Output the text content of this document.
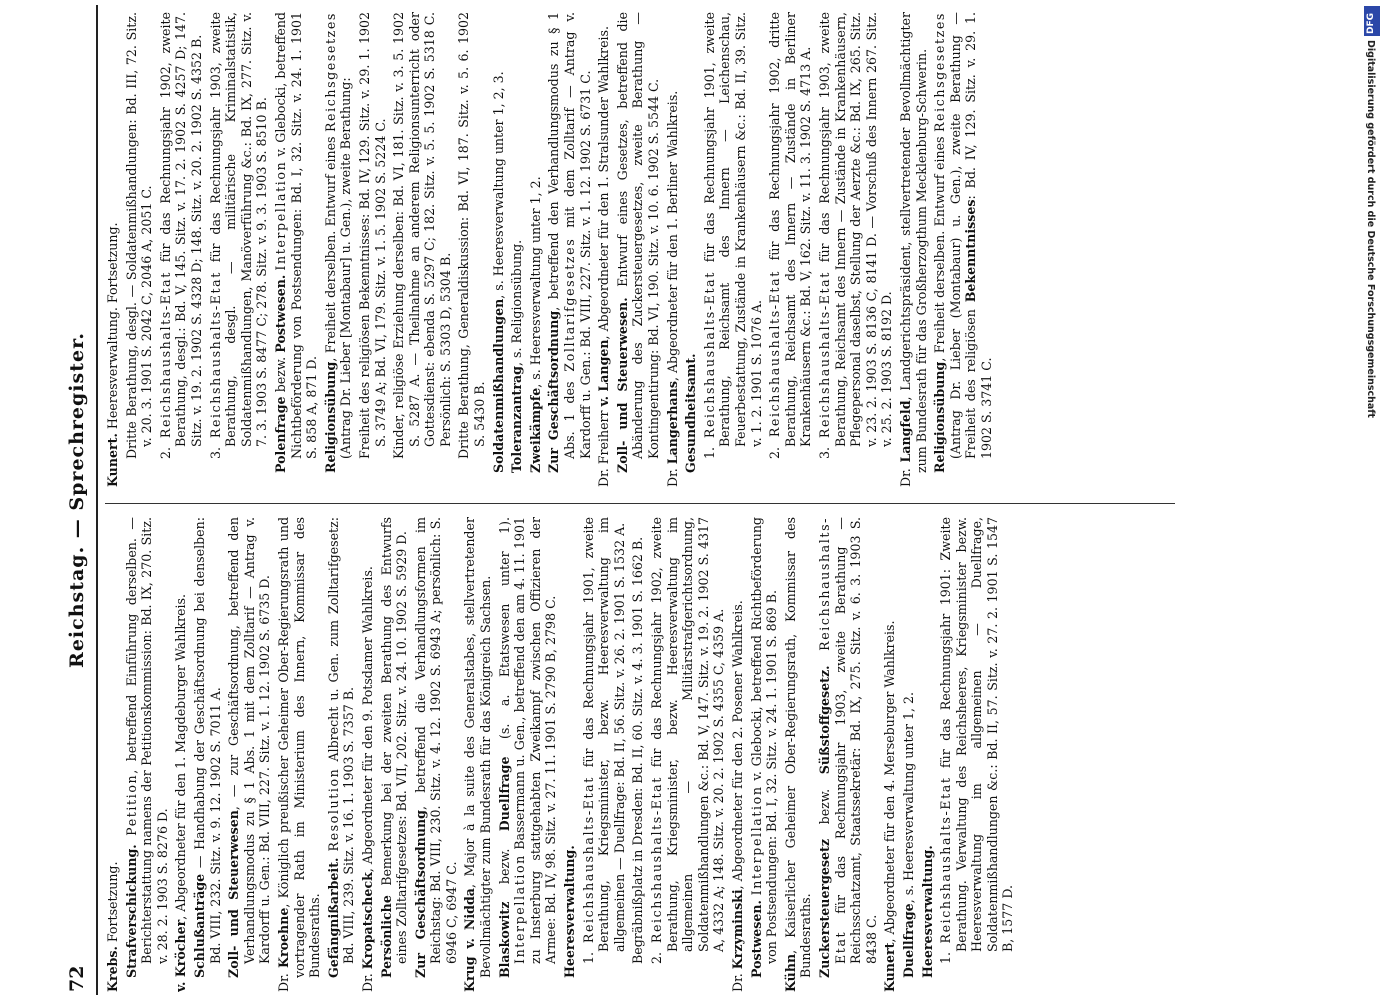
72
Reichstag. — Sprechregister.

Krebs. Fortsetzung. Strafverschickung. Petition, betreffend Einführung derselben. — Berichterstattung namens der Petitionskommission: Bd. IX, 270. Sitz. v. 28. 2. 1903 S. 8276 D. v. Kröcher, Abgeordneter für den 1. Magdeburger Wahlkreis.

Schlußanträge — Handhabung der Geschäftsordnung bei denselben: Bd. VIII, 232. Sitz. v. 9. 12. 1902 S. 7011 A. Zoll- und Steuerwesen, — zur Geschäftsordnung, betreffend den Verhandlungsmodus zu § 1 Abs. 1 mit dem Zolltarif — Antrag v. Kardorff u. Gen.: Bd. VIII, 227. Sitz. v. 1. 12. 1902 S. 6735 D.

Dr. Kroehne, Königlich preußischer Geheimer Ober-Regierungsrath und vortragender Rath im Ministerium des Innern, Kommissar des Bundesraths. Gefängnißarbeit. Resolution Albrecht u. Gen. zum Zolltarifgesetz: Bd. VIII, 239. Sitz. v. 16. 1. 1903 S. 7357 B.

Dr. Kropatscheck, Abgeordneter für den 9. Potsdamer Wahlkreis.

Persönliche Bemerkung bei der zweiten Berathung des Entwurfs eines Zolltarifgesetzes: Bd. VII, 202. Sitz. v. 24. 10. 1902 S. 5929 D. Zur Geschäftsordnung, betreffend die Verhandlungsformen im Reichstag: Bd. VIII, 230. Sitz. v. 4. 12. 1902 S. 6943 A; persönlich: S. 6946 C, 6947 C. Krug v. Nidda, Major à la suite des Generalstabes, stellvertretender Bevollmächtigter zum Bundesrath für das Königreich Sachsen. Blaskowitz bezw. Duellfrage (s. a. Etatswesen unter 1). Interpellation Bassermann u. Gen., betreffend den am 4. 11. 1901 zu Insterburg stattgehabten Zweikampf zwischen Offizieren der Armee: Bd. IV, 98. Sitz. v. 27. 11. 1901 S. 2790 B, 2798 C. Heeresverwaltung. 1. Reichshaushalts-Etat für das Rechnungsjahr 1901, zweite Berathung, Kriegsminister, bezw. Heeresverwaltung im allgemeinen — Duellfrage: Bd. II, 56. Sitz. v. 26. 2. 1901 S. 1532 A. Begräbnißplatz in Dresden: Bd. II, 60. Sitz. v. 4. 3. 1901 S. 1662 B. 2. Reichshaushalts-Etat für das Rechnungsjahr 1902, zweite Berathung, Kriegsminister, bezw. Heeresverwaltung im allgemeinen — Militärstrafgerichtsordnung, Soldatenmißhandlungen &c.: Bd. V, 147. Sitz. v. 19. 2. 1902 S. 4317 A, 4332 A; 148. Sitz. v. 20. 2. 1902 S. 4355 C, 4359 A.

Dr. Krzyminski, Abgeordneter für den 2. Posener Wahlkreis.

Postwesen. Interpellation v. Glebocki, betreffend Richtbeförderung von Postsendungen: Bd. I, 32. Sitz. v. 24. 1. 1901 S. 869 B.

Kühn, Kaiserlicher Geheimer Ober-Regierungsrath, Kommissar des Bundesraths. Zuckersteuergesetz bezw. Süßstoffgesetz. Reichshaushalts-Etat für das Rechnungsjahr 1903, zweite Berathung — Reichsschatzamt, Staatssekretär: Bd. IX, 275. Sitz. v. 6. 3. 1903 S. 8438 C.

Kunert, Abgeordneter für den 4. Merseburger Wahlkreis. Duellfrage, s. Heeresverwaltung unter 1, 2.

Heeresverwaltung. 1. Reichshaushalts-Etat für das Rechnungsjahr 1901: Zweite Berathung. Verwaltung des Reichsheeres, Kriegsminister bezw. Heeresverwaltung im allgemeinen — Duellfrage, Soldatenmißhandlungen &c.: Bd. II, 57. Sitz. v. 27. 2. 1901 S. 1547 B, 1577 D.

Kunert. Heeresverwaltung. Fortsetzung. Dritte Berathung, desgl. — Soldatenmißhandlungen: Bd. III, 72. Sitz. v. 20. 3. 1901 S. 2042 C, 2046 A, 2051 C.

2. Reichshaushalts-Etat für das Rechnungsjahr 1902, zweite Berathung, desgl.: Bd. V, 145. Sitz. v. 17. 2. 1902 S. 4257 D; 147. Sitz. v. 19. 2. 1902 S. 4328 D; 148. Sitz. v. 20. 2. 1902 S. 4352 B.

3. Reichshaushalts-Etat für das Rechnungsjahr 1903, zweite Berathung, desgl. — militärische Kriminalstatistik, Soldatenmißhandlungen, Manöverführung &c.: Bd. IX, 277. Sitz. v. 7. 3. 1903 S. 8477 C; 278. Sitz. v. 9. 3. 1903 S. 8510 B. Polenfrage bezw. Postwesen. Interpellation v. Glebocki, betreffend Nichtbeförderung von Postsendungen: Bd. I, 32. Sitz. v. 24. 1. 1901 S. 858 A, 871 D. Religionsübung, Freiheit derselben. Entwurf eines Reichsgesetzes (Antrag Dr. Lieber [Montabaur] u. Gen.), zweite Berathung: Freiheit des religiösen Bekenntnisses: Bd. IV, 129. Sitz. v. 29. 1. 1902 S. 3749 A; Bd. VI, 179. Sitz. v. 1. 5. 1902 S. 5224 C. Kinder, religiöse Erziehung derselben: Bd. VI, 181. Sitz. v. 3. 5. 1902 S. 5287 A. — Theilnahme an anderem Religionsunterricht oder Gottesdienst: ebenda S. 5297 C; 182. Sitz. v. 5. 5. 1902 S. 5318 C. Persönlich: S. 5303 D, 5304 B. Dritte Berathung, Generaldiskussion: Bd. VI, 187. Sitz. v. 5. 6. 1902 S. 5430 B. Soldatenmißhandlungen, s. Heeresverwaltung unter 1, 2, 3.

Toleranzantrag, s. Religionsübung.

Zweikämpfe, s. Heeresverwaltung unter 1, 2.

Zur Geschäftsordnung, betreffend den Verhandlungsmodus zu § 1 Abs. 1 des Zolltarifgesetzes mit dem Zolltarif — Antrag v. Kardorff u. Gen.: Bd. VIII, 227. Sitz. v. 1. 12. 1902 S. 6731 C. Dr. Freiherr v. Langen, Abgeordneter für den 1. Stralsunder Wahlkreis.

Zoll- und Steuerwesen. Entwurf eines Gesetzes, betreffend die Abänderung des Zuckersteuergesetzes, zweite Berathung — Kontingentirung: Bd. VI, 190. Sitz. v. 10. 6. 1902 S. 5544 C.

Dr. Langerhans, Abgeordneter für den 1. Berliner Wahlkreis.

Gesundheitsamt. 1. Reichshaushalts-Etat für das Rechnungsjahr 1901, zweite Berathung, Reichsamt des Innern — Leichenschau, Feuerbestattung, Zustände in Krankenhäusern &c.: Bd. II, 39. Sitz. v. 1. 2. 1901 S. 1076 A.

2. Reichshaushalts-Etat für das Rechnungsjahr 1902, dritte Berathung, Reichsamt des Innern — Zustände in Berliner Krankenhäusern &c.: Bd. V, 162. Sitz. v. 11. 3. 1902 S. 4713 A.

3. Reichshaushalts-Etat für das Rechnungsjahr 1903, zweite Berathung, Reichsamt des Innern — Zustände in Krankenhäusern, Pflegepersonal daselbst, Stellung der Aerzte &c.: Bd. IX, 265. Sitz. v. 23. 2. 1903 S. 8136 C, 8141 D. — Vorschuß des Innern 267. Sitz. v. 25. 2. 1903 S. 8192 D.

Dr. Langfeld, Landgerichtspräsident, stellvertretender Bevollmächtigter zum Bundesrath für das Großherzogthum Mecklenburg-Schwerin. Religionsübung, Freiheit derselben. Entwurf eines Reichsgesetzes (Antrag Dr. Lieber (Montabaur) u. Gen.), zweite Berathung — Freiheit des religiösen Bekenntnisses: Bd. IV, 129. Sitz. v. 29. 1. 1902 S. 3741 C.

DFG
Digitalisierung gefördert durch die Deutsche Forschungsgemeinschaft
